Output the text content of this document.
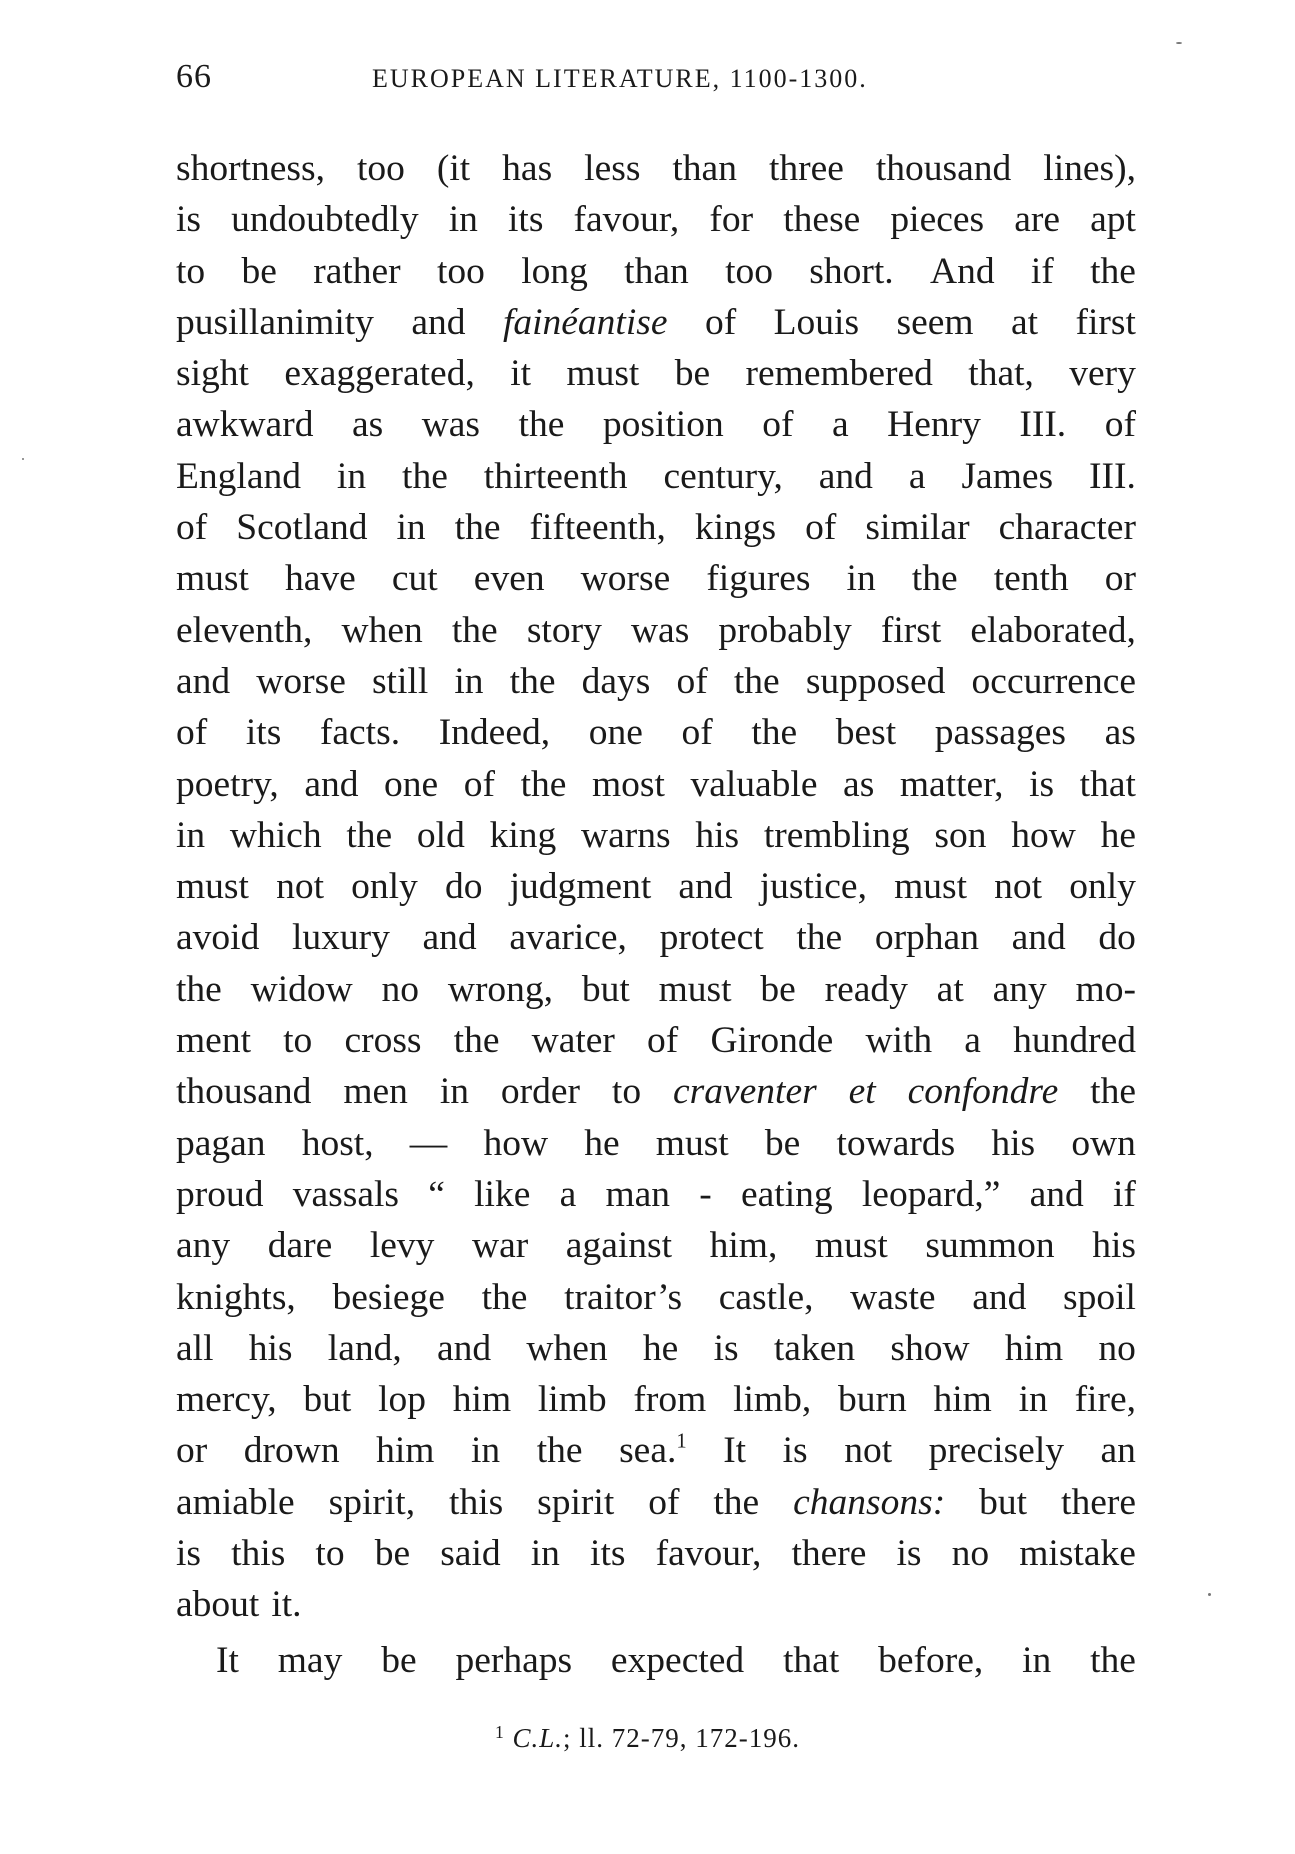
66	EUROPEAN LITERATURE, 1100-1300.
shortness, too (it has less than three thousand lines),
is undoubtedly in its favour, for these pieces are apt
to be rather too long than too short. And if the
pusillanimity and fainéantise of Louis seem at first
sight exaggerated, it must be remembered that, very
awkward as was the position of a Henry III. of
England in the thirteenth century, and a James III.
of Scotland in the fifteenth, kings of similar character
must have cut even worse figures in the tenth or
eleventh, when the story was probably first elaborated,
and worse still in the days of the supposed occurrence
of its facts. Indeed, one of the best passages as
poetry, and one of the most valuable as matter, is that
in which the old king warns his trembling son how he
must not only do judgment and justice, must not only
avoid luxury and avarice, protect the orphan and do
the widow no wrong, but must be ready at any mo-
ment to cross the water of Gironde with a hundred
thousand men in order to craventer et confondre the
pagan host, — how he must be towards his own
proud vassals “ like a man - eating leopard,” and if
any dare levy war against him, must summon his
knights, besiege the traitor’s castle, waste and spoil
all his land, and when he is taken show him no
mercy, but lop him limb from limb, burn him in fire,
or drown him in the sea.$^1$ It is not precisely an
amiable spirit, this spirit of the chansons: but there
is this to be said in its favour, there is no mistake
about it.
It may be perhaps expected that before, in the
$^1$ C.L.; ll. 72-79, 172-196.
